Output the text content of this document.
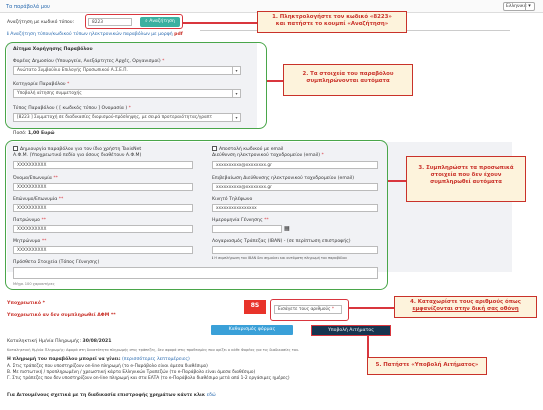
Τα παράβολά μου	Ελληνικά ▾
Αναζήτηση με κωδικό τύπου:	8223	⌕ Αναζήτηση
ℹ Αναζήτηση τύπου/κωδικού τύπων ηλεκτρονικών παραβόλων με μορφή pdf
1. Πληκτρολογήστε τον κωδικό «8223»
και πατήστε το κουμπί «Αναζήτηση»
Αίτημα Χορήγησης Παραβόλου
Φορέας Δημοσίου (Υπουργεία, Ανεξάρτητες Αρχές, Οργανισμοί) *
Ανώτατο Συμβούλιο Επιλογής Προσωπικού Α.Σ.Ε.Π.	▾
Κατηγορία Παραβόλου *
Υποβολή αίτησης συμμετοχής	▾
Τύπος Παραβόλου ( [ κωδικός τύπου ] Ονομασία ) *
[8223 ] Συμμετοχή σε διαδικασίες διορισμού-πρόσληψης, με σειρά προτεραιότητας/γραπτ	▾
Ποσό: 1,00 Ευρώ
2. Τα στοιχεία του παραβόλου
συμπληρώνονται αυτόματα
Δημιουργία παραβόλου για τον ίδιο χρήστη TaxisNet
Α.Φ.Μ. (Υποχρεωτικό πεδίο για όσους διαθέτουν Α.Φ.Μ)
XXXXXXXXXX
Όνομα/Επωνυμία **
XXXXXXXXXX
Επώνυμο/Επωνυμία **
XXXXXXXXXX
Πατρώνυμο **
XXXXXXXXXX
Μητρώνυμο **
XXXXXXXXXX
Πρόσθετα Στοιχεία (Τόπος Γέννησης)
Μέχρι 100 χαρακτήρες
Αποστολή κωδικού με email
Διεύθυνση ηλεκτρονικού ταχυδρομείου (email) *
xxxxxxxxxx@xxxxxxxx.gr
Επιβεβαίωση Διεύθυνσης ηλεκτρονικού ταχυδρομείου (email)
xxxxxxxxxx@xxxxxxxx.gr
Κινητό Τηλέφωνο
xxxxxxxxxxxxxxxx
Ημερομηνία Γέννησης **
▦
Λογαριασμός Τράπεζας (IBAN) - (σε περίπτωση επιστροφής)
ℹ Η συμπλήρωση του IBAN δεν σημαίνει και αυτόματη πληρωμή του παραβόλου
3. Συμπληρώστε τα προσωπικά
στοιχεία που δεν έχουν
συμπληρωθεί αυτόματα
Υποχρεωτικό *
Υποχρεωτικό αν δεν συμπληρωθεί ΑΦΜ **
8S
Εισάγετε τους αριθμούς *
4. Καταχωρίστε τους αριθμούς όπως
εμφανίζονται στην δική σας οθόνη
Καθαρισμός φόρμας	Υποβολή Αιτήματος
5. Πατήστε «Υποβολή Αιτήματος»
Καταληκτική Ημ/νία Πληρωμής: 30/08/2021
Καταληκτική Ημ/νία Πληρωμής: Αφορά στη δυνατότητα πληρωμής στις τράπεζες, δεν αφορά στις προθεσμίες που ορίζει ο κάθε Φορέας για τις διαδικασίες του.
Η πληρωμή του παραβόλου μπορεί να γίνει: (περισσότερες λεπτομέρειες)
Α. Στις τράπεζες που υποστηρίζουν on-line πληρωμή (το e-Παράβολο είναι άμεσα διαθέσιμο)
Β. Με πιστωτική / προπληρωμένη / χρεωστική κάρτα Ελληνικών Τραπεζών (το e-Παράβολο είναι άμεσα διαθέσιμο)
Γ. Στις τράπεζες που δεν υποστηρίζουν on-line πληρωμή και στα ΕΛΤΑ (το e-Παράβολο διαθέσιμο μετά από 1-2 εργάσιμες ημέρες)
Για Αιτουμένους σχετικά με τη διαδικασία επιστροφής χρημάτων κάντε κλικ εδώ
